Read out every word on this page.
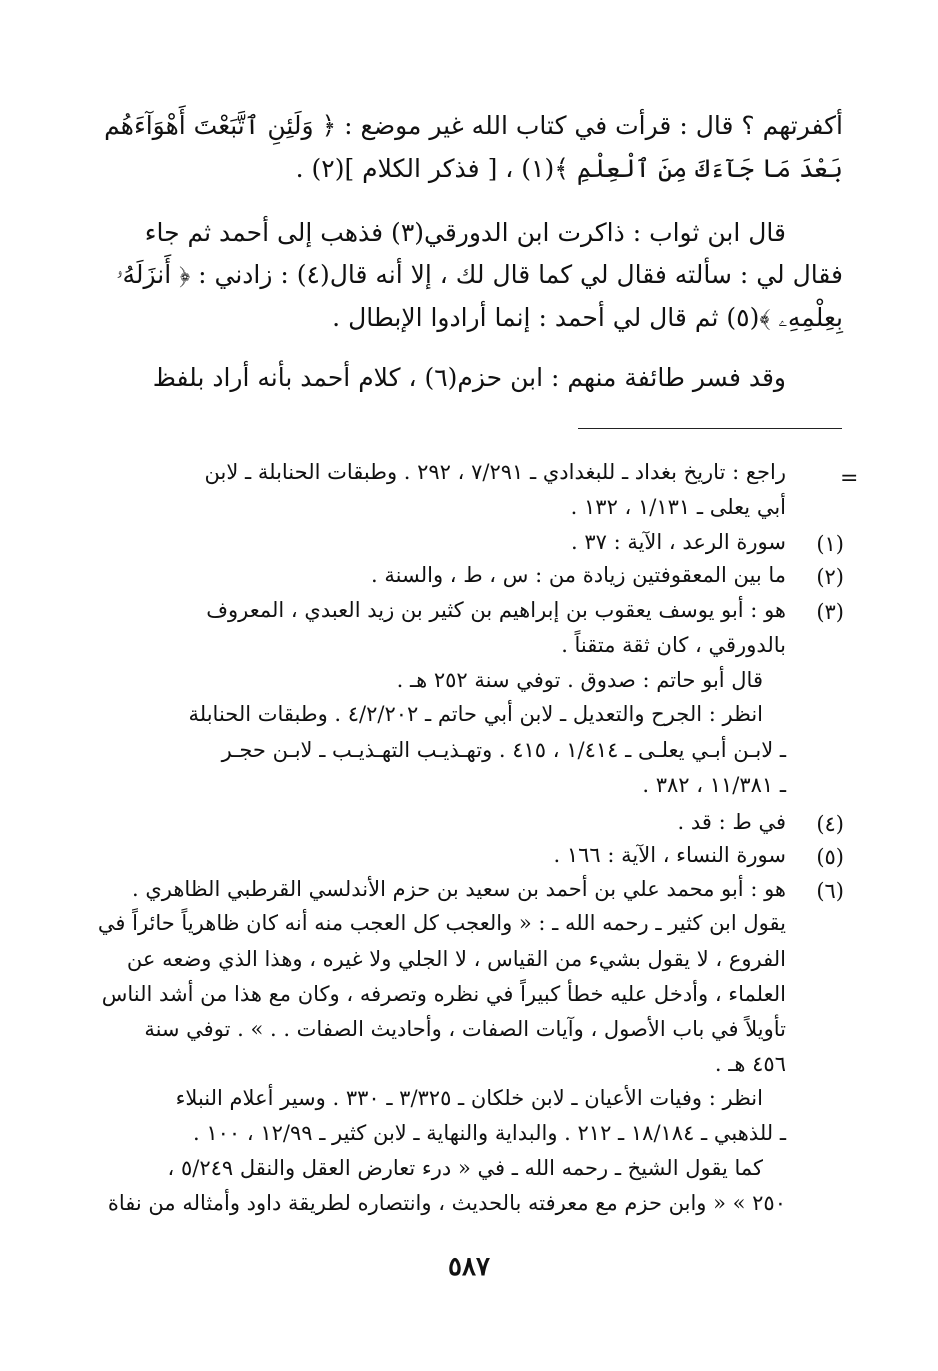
أكفرتهم ؟ قال : قرأت في كتاب الله غير موضع : ﴿ وَلَئِنِ ٱتَّبَعْتَ أَهْوَآءَهُم
بَعْدَ مَا جَآءَكَ مِنَ ٱلْعِلْمِ ﴾(١) ، [ فذكر الكلام ](٢) .
قال ابن ثواب : ذاكرت ابن الدورقي(٣) فذهب إلى أحمد ثم جاء
فقال لي : سألته فقال لي كما قال لك ، إلا أنه قال(٤) : زادني : ﴿ أَنزَلَهُۥ
بِعِلْمِهِۦ ﴾(٥) ثم قال لي أحمد : إنما أرادوا الإبطال .
وقد فسر طائفة منهم : ابن حزم(٦) ، كلام أحمد بأنه أراد بلفظ
=
راجع : تاريخ بغداد ـ للبغدادي ـ ٧/٢٩١ ، ٢٩٢ . وطبقات الحنابلة ـ لابن
أبي يعلى ـ ١/١٣١ ، ١٣٢ .
(١)
سورة الرعد ، الآية : ٣٧ .
(٢)
ما بين المعقوفتين زيادة من : س ، ط ، والسنة .
(٣)
هو : أبو يوسف يعقوب بن إبراهيم بن كثير بن زيد العبدي ، المعروف
بالدورقي ، كان ثقة متقناً .
قال أبو حاتم : صدوق . توفي سنة ٢٥٢ هـ .
انظر : الجرح والتعديل ـ لابن أبي حاتم ـ ٤/٢/٢٠٢ . وطبقات الحنابلة
ـ لابـن أبـي يعلـى ـ ١/٤١٤ ، ٤١٥ . وتهـذيـب التهـذيـب ـ لابـن حجـر
ـ ١١/٣٨١ ، ٣٨٢ .
(٤)
في ط : قد .
(٥)
سورة النساء ، الآية : ١٦٦ .
(٦)
هو : أبو محمد علي بن أحمد بن سعيد بن حزم الأندلسي القرطبي الظاهري .
يقول ابن كثير ـ رحمه الله ـ : « والعجب كل العجب منه أنه كان ظاهرياً حائراً في
الفروع ، لا يقول بشيء من القياس ، لا الجلي ولا غيره ، وهذا الذي وضعه عن
العلماء ، وأدخل عليه خطأ كبيراً في نظره وتصرفه ، وكان مع هذا من أشد الناس
تأويلاً في باب الأصول ، وآيات الصفات ، وأحاديث الصفات . . » . توفي سنة
٤٥٦ هـ .
انظر : وفيات الأعيان ـ لابن خلكان ـ ٣/٣٢٥ ـ ٣٣٠ . وسير أعلام النبلاء
ـ للذهبي ـ ١٨/١٨٤ ـ ٢١٢ . والبداية والنهاية ـ لابن كثير ـ ١٢/٩٩ ، ١٠٠ .
كما يقول الشيخ ـ رحمه الله ـ في « درء تعارض العقل والنقل ٥/٢٤٩ ،
٢٥٠ » « وابن حزم مع معرفته بالحديث ، وانتصاره لطريقة داود وأمثاله من نفاة
٥٨٧
